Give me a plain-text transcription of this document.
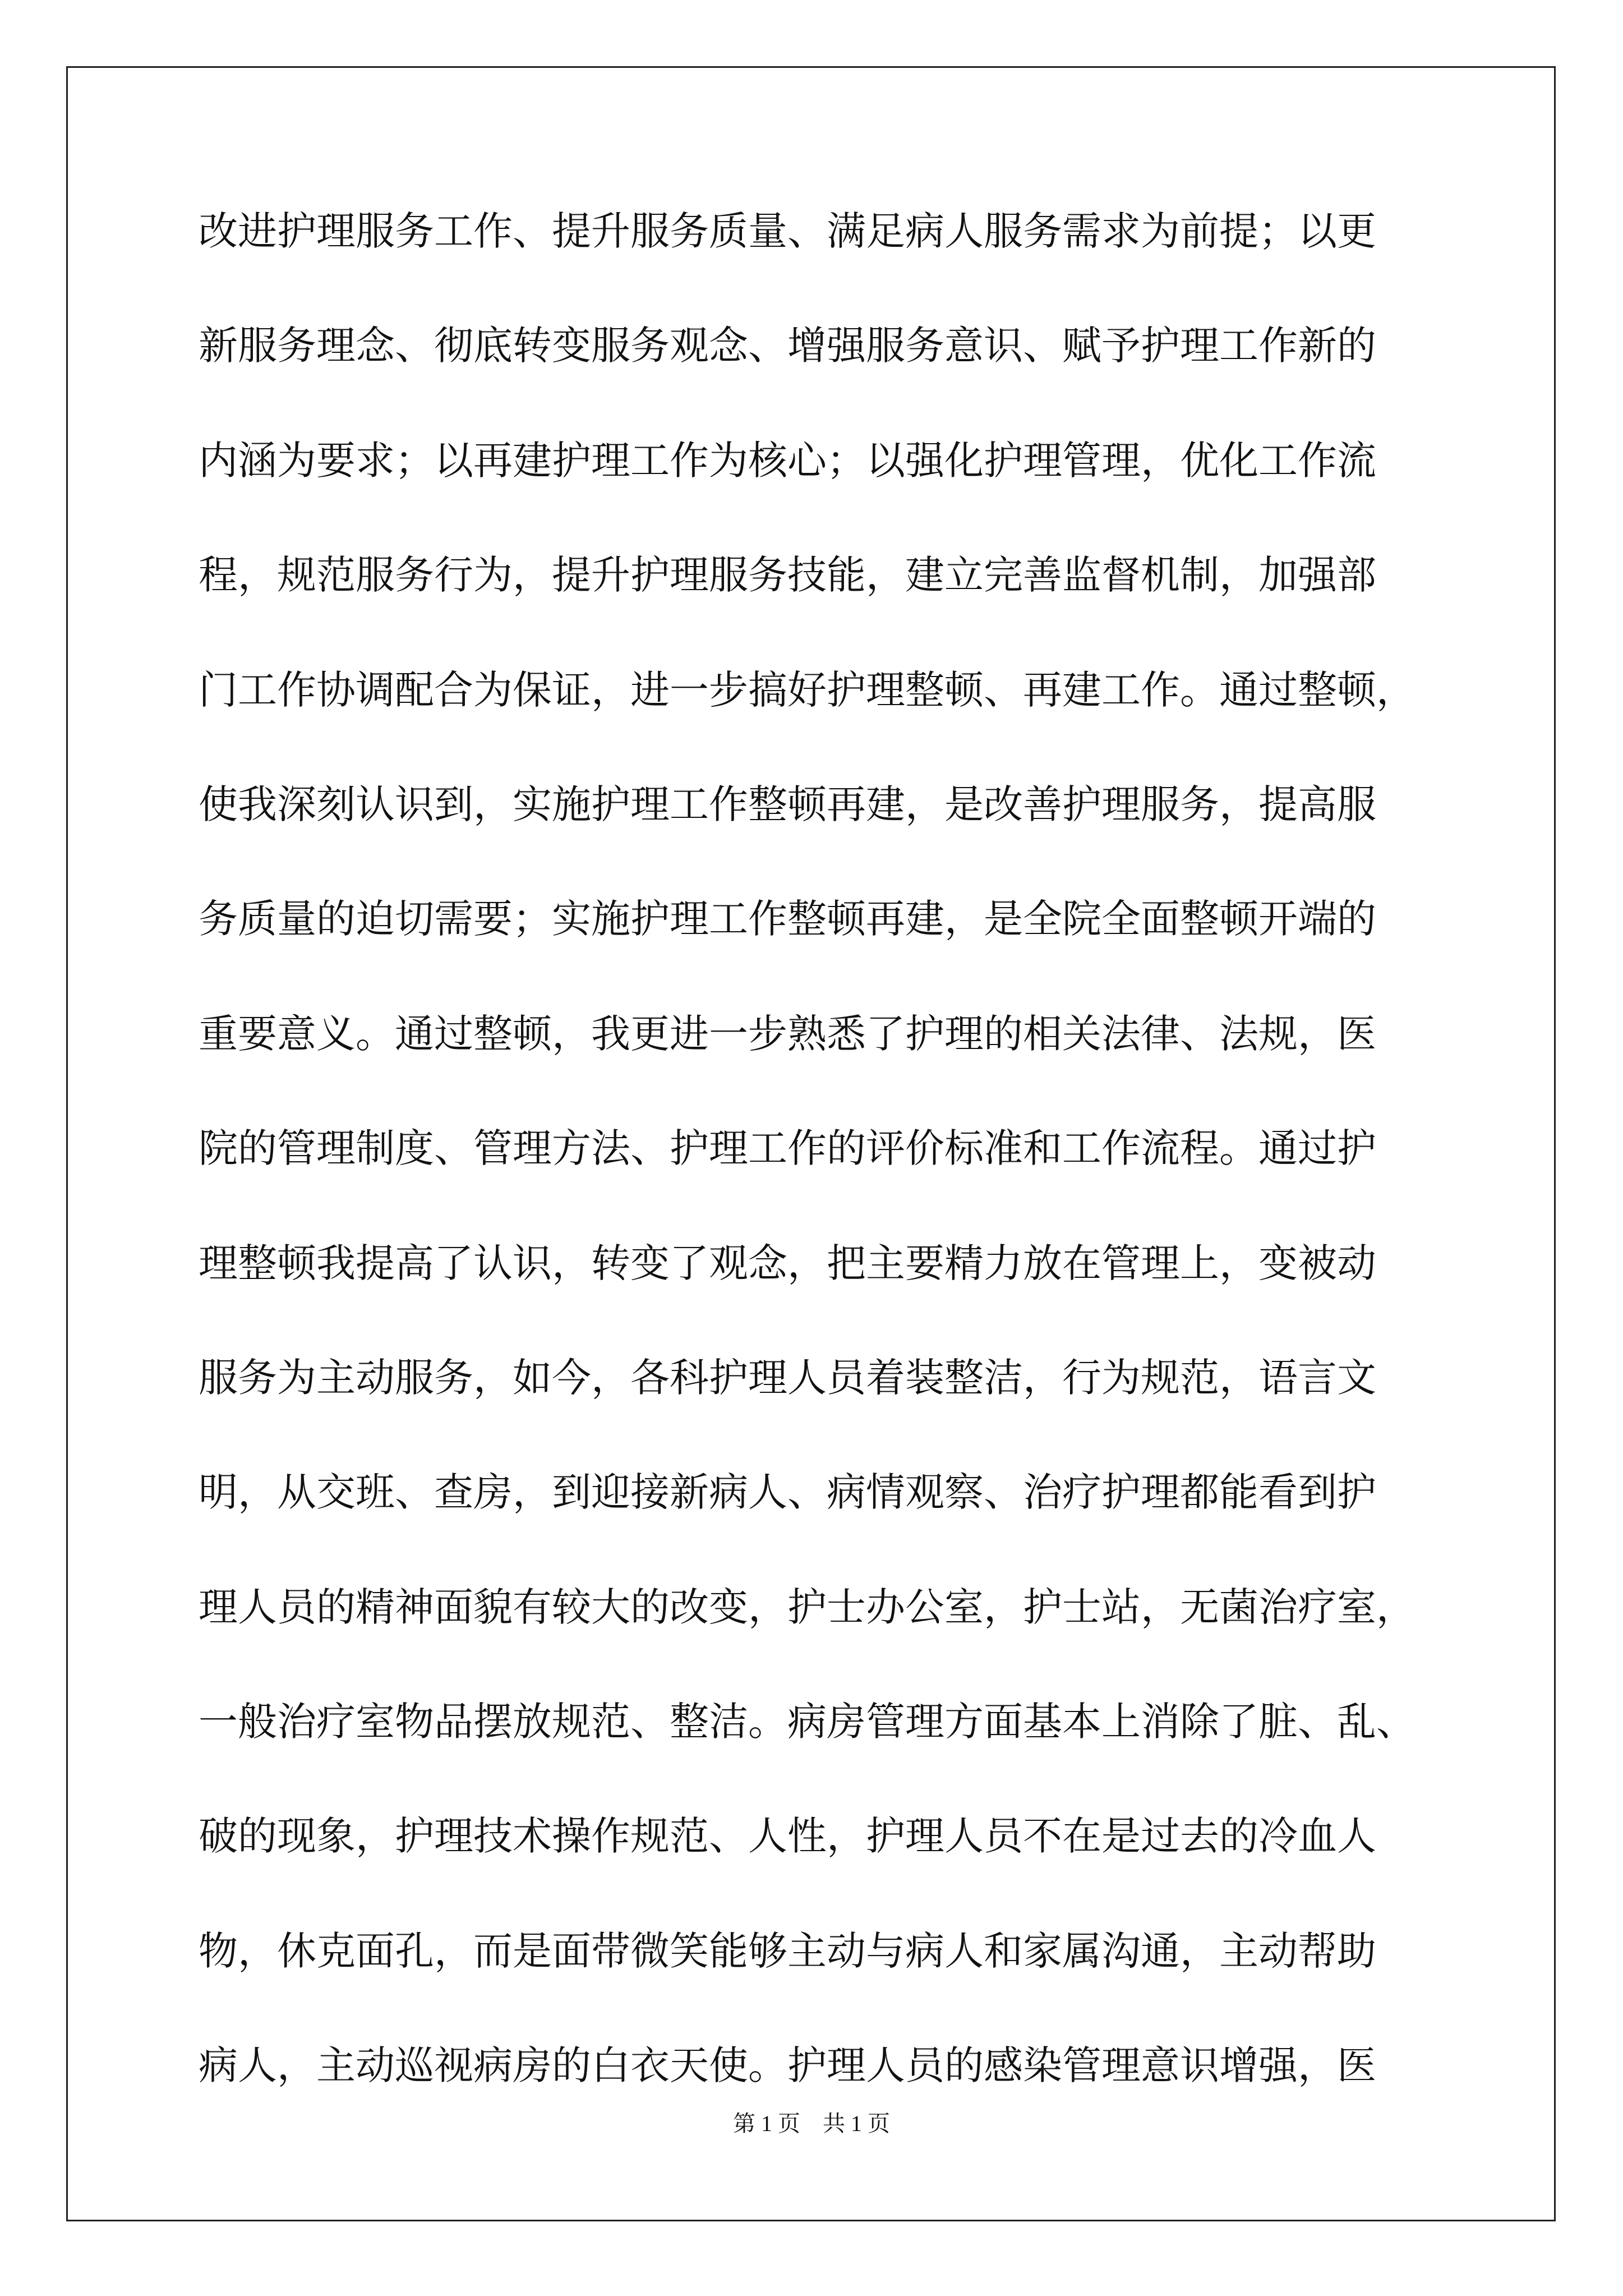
改进护理服务工作、提升服务质量、满足病人服务需求为前提；以更
新服务理念、彻底转变服务观念、增强服务意识、赋予护理工作新的
内涵为要求；以再建护理工作为核心；以强化护理管理，优化工作流
程，规范服务行为，提升护理服务技能，建立完善监督机制，加强部
门工作协调配合为保证，进一步搞好护理整顿、再建工作。通过整顿，
使我深刻认识到，实施护理工作整顿再建，是改善护理服务，提高服
务质量的迫切需要；实施护理工作整顿再建，是全院全面整顿开端的
重要意义。通过整顿，我更进一步熟悉了护理的相关法律、法规，医
院的管理制度、管理方法、护理工作的评价标准和工作流程。通过护
理整顿我提高了认识，转变了观念，把主要精力放在管理上，变被动
服务为主动服务，如今，各科护理人员着装整洁，行为规范，语言文
明，从交班、查房，到迎接新病人、病情观察、治疗护理都能看到护
理人员的精神面貌有较大的改变，护士办公室，护士站，无菌治疗室，
一般治疗室物品摆放规范、整洁。病房管理方面基本上消除了脏、乱、
破的现象，护理技术操作规范、人性，护理人员不在是过去的冷血人
物，休克面孔，而是面带微笑能够主动与病人和家属沟通，主动帮助
病人，主动巡视病房的白衣天使。护理人员的感染管理意识增强，医
第 1 页    共 1 页
